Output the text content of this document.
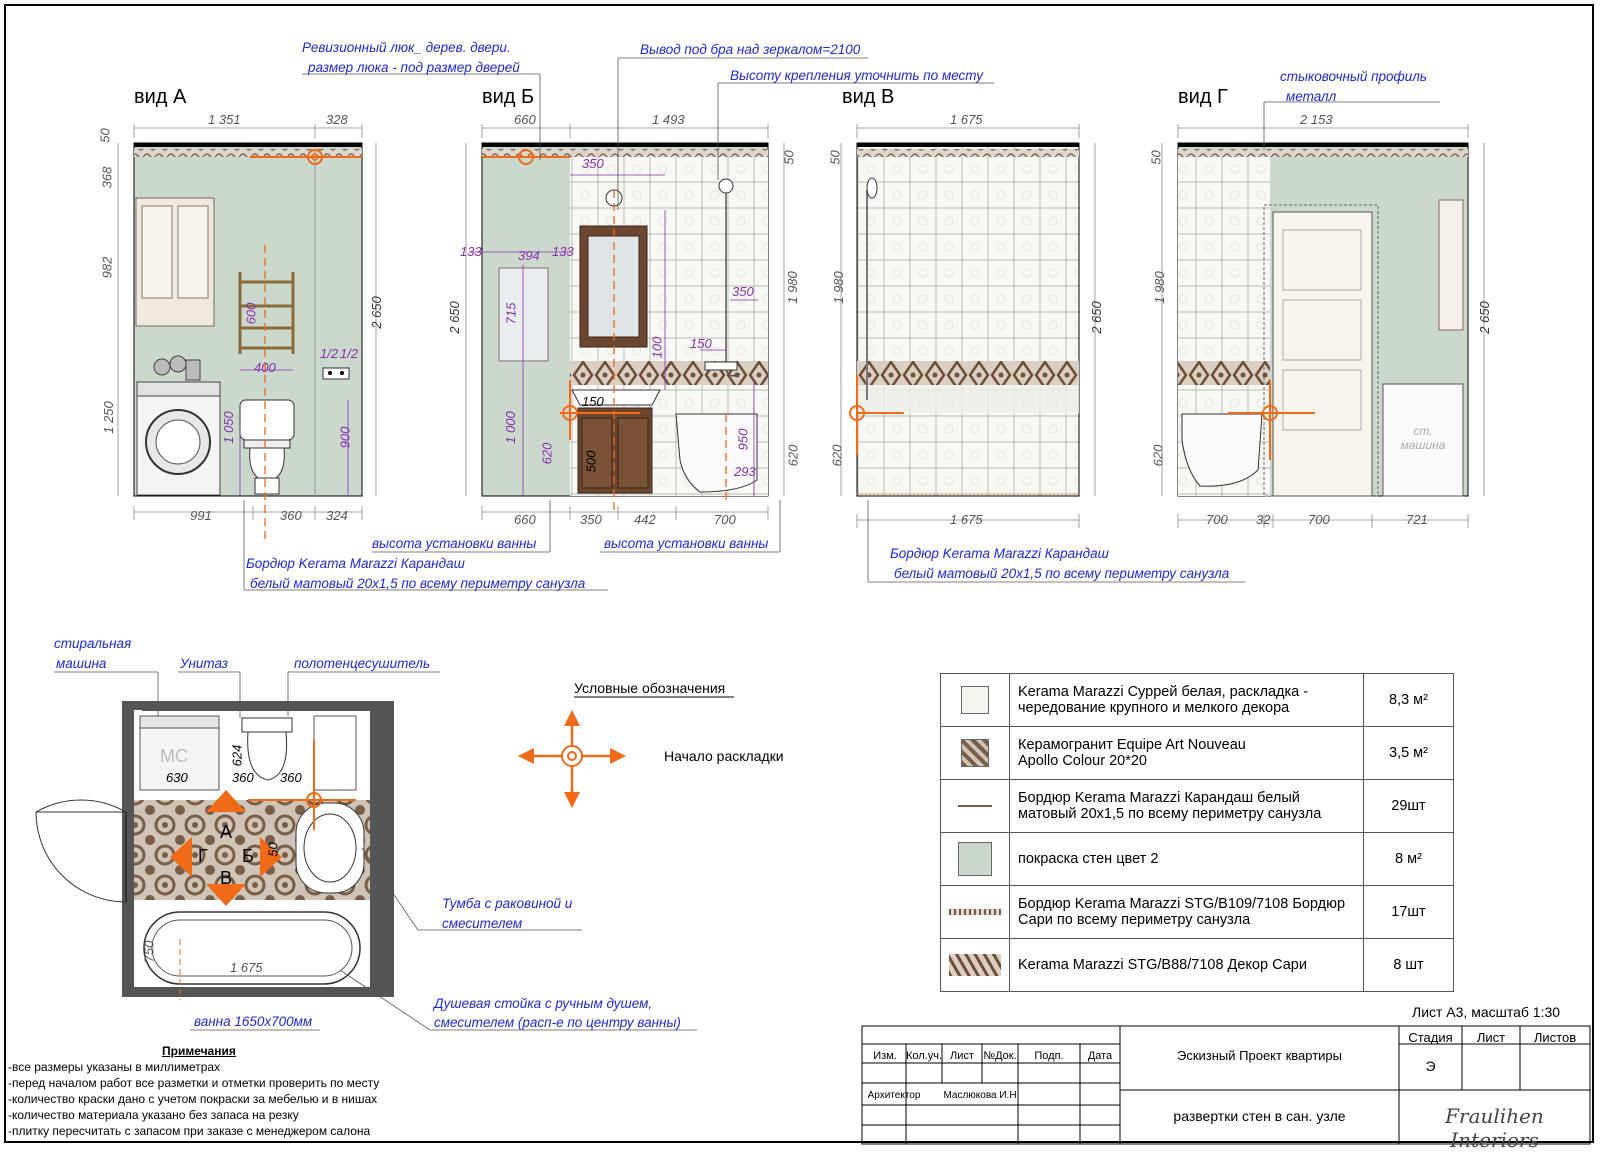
вид А	вид Б	вид В	вид Г
1 351	328
991	360 324
50
368
982
1 250
2 650
600
400
1 050	900
1/2 1/2
660	1 493
660	350 442	700
50
1 980
620
2 650
350
133	394 133
715
1 000
620
150
500
150
350
950
293
100
1 675
1 675
50
1 980
620
2 650
2 153
700 32	700	721
50
1 980
620
2 650
ст. машина
Ревизионный люк_ дерев. двери.
размер люка - под размер дверей
Вывод под бра над зеркалом=2100
Высоту крепления уточнить по месту	стыковочный профиль
металл
высота установки ванны	высота установки ванны
Бордюр Kerama Marazzi Карандаш
белый матовый 20х1,5 по всему периметру санузла
Бордюр Kerama Marazzi Карандаш
белый матовый 20х1,5 по всему периметру санузла
стиральная
машина	Унитаз	полотенцесушитель
МС
630	360 360
624
50
750
1 675
А
Б
В
Г
Тумба с раковиной и
смесителем
Душевая стойка с ручным душем,
смесителем (расп-е по центру ванны)
ванна 1650х700мм
Условные обозначения
Начало раскладки

	Kerama Marazzi Суррей белая, раскладка -
чередование крупного и мелкого декора	8,3 м²

	Керамогранит Equipe Art Nouveau
Apollo Colour 20*20	3,5 м²

	Бордюр Kerama Marazzi Карандаш белый
матовый 20х1,5 по всему периметру санузла	29шт

	покраска стен цвет 2	8 м²

	Бордюр Kerama Marazzi STG/B109/7108 Бордюр
Сари по всему периметру санузла	17шт

	Kerama Marazzi STG/B88/7108 Декор Сари	8 шт
Примечания
-все размеры указаны в миллиметрах
-перед началом работ все разметки и отметки проверить по месту
-количество краски дано с учетом покраски за мебелью и в нишах
-количество материала указано без запаса на резку
-плитку пересчитать с запасом при заказе с менеджером салона
Лист А3, масштаб 1:30
Изм. Кол.уч. Лист №Док.	Подп.	Дата	Эскизный Проект квартиры
Архитектор	Маслюкова И.Н
развертки стен в сан. узле
Стадия	Лист	Листов
Э
Fraulihen Interiors
